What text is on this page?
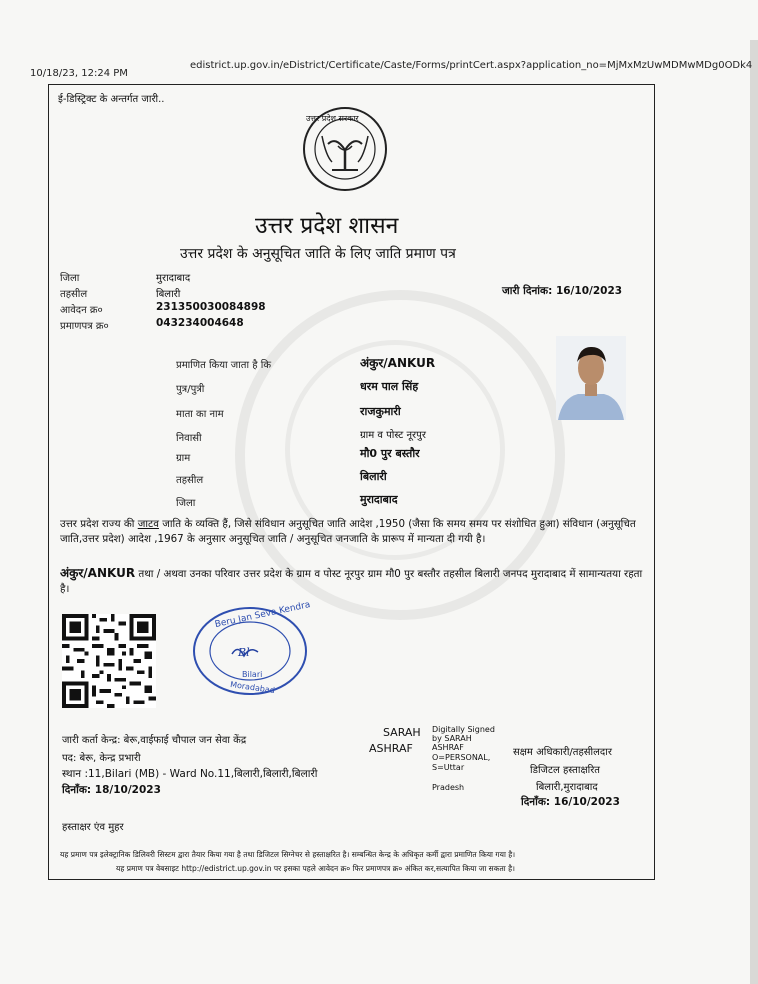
10/18/23, 12:24 PM
edistrict.up.gov.in/eDistrict/Certificate/Caste/Forms/printCert.aspx?application_no=MjMxMzUwMDMwMDg0ODk4
ई-डिस्ट्रिक्ट के अन्तर्गत जारी..
उत्तर प्रदेश सरकार
उत्तर प्रदेश शासन
उत्तर प्रदेश के अनुसूचित जाति के लिए जाति प्रमाण पत्र
जिला	मुरादाबाद
तहसील	बिलारी
आवेदन क्र०	231350030084898
प्रमाणपत्र क्र०	043234004648
जारी दिनांक: 16/10/2023
प्रमाणित किया जाता है कि	अंकुर/ANKUR
पुत्र/पुत्री	धरम पाल सिंह
माता का नाम	राजकुमारी
निवासी	ग्राम व पोस्ट नूरपुर
ग्राम	मौ0 पुर बस्तौर
तहसील	बिलारी
जिला	मुरादाबाद
उत्तर प्रदेश राज्य की जाटव जाति के व्यक्ति हैं, जिसे संविधान अनुसूचित जाति आदेश ,1950 (जैसा कि समय समय पर संशोधित हुआ) संविधान (अनुसूचित जाति,उत्तर प्रदेश) आदेश ,1967 के अनुसार अनुसूचित जाति / अनुसूचित जनजाति के प्रारूप में मान्यता दी गयी है।
अंकुर/ANKUR तथा / अथवा उनका परिवार उत्तर प्रदेश के ग्राम व पोस्ट नूरपुर ग्राम मौ0 पुर बस्तौर तहसील बिलारी जनपद मुरादाबाद में सामान्यतया रहता है।
Beru Jan Seva Kendra
Bl
Bilari
Moradabad
जारी कर्ता केन्द्र: बेरू,वाईफाई चौपाल जन सेवा केंद्र
पद: बेरू, केन्द्र प्रभारी
स्थान :11,Bilari (MB) - Ward No.11,बिलारी,बिलारी,बिलारी
दिनाँक: 18/10/2023
SARAH
ASHRAF
Digitally Signed
by SARAH
ASHRAF
O=PERSONAL,
S=Uttar
Pradesh
सक्षम अधिकारी/तहसीलदार
डिजिटल हस्ताक्षरित
बिलारी,मुरादाबाद
दिनाँक: 16/10/2023
हस्ताक्षर एंव मुहर
यह प्रमाण पत्र इलेक्ट्रानिक डिलिवरी सिस्टम द्वारा तैयार किया गया है तथा डिजिटल सिग्नेचर से हस्ताक्षरित है। सम्बन्धित केन्द्र के अधिकृत कर्मी द्वारा प्रमाणित किया गया है।
यह प्रमाण पत्र वेबसाइट http://edistrict.up.gov.in पर इसका पहले आवेदन क्र० फिर प्रमाणपत्र क्र० अंकित कर,सत्यापित किया जा सकता है।
